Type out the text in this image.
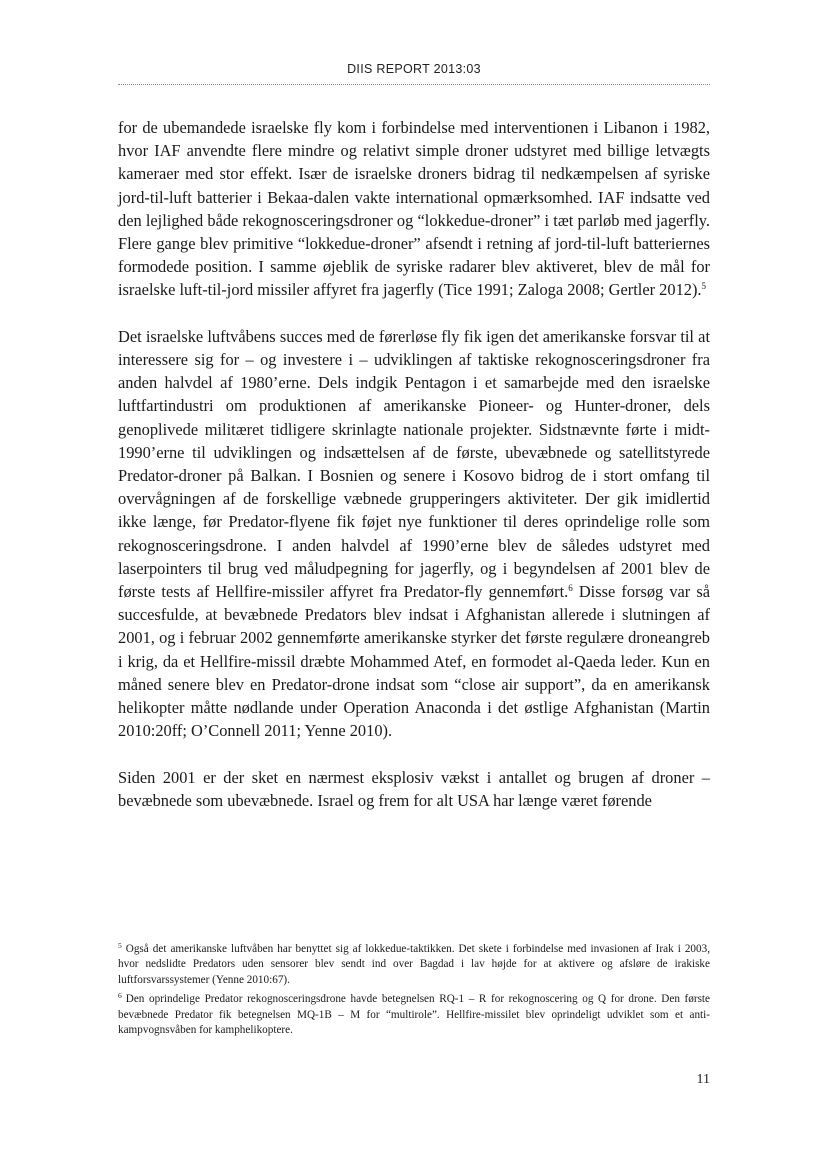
DIIS REPORT 2013:03

for de ubemandede israelske fly kom i forbindelse med interventionen i Libanon i 1982, hvor IAF anvendte flere mindre og relativt simple droner udstyret med billige letvægts kameraer med stor effekt. Især de israelske droners bidrag til nedkæmpelsen af syriske jord-til-luft batterier i Bekaa-dalen vakte international opmærksomhed. IAF indsatte ved den lejlighed både rekognosceringsdroner og “lokkedue-droner” i tæt parløb med jagerfly. Flere gange blev primitive “lokkedue-droner” afsendt i retning af jord-til-luft batteriernes formodede position. I samme øjeblik de syriske radarer blev aktiveret, blev de mål for israelske luft-til-jord missiler affyret fra jagerfly (Tice 1991; Zaloga 2008; Gertler 2012).$^5$

Det israelske luftvåbens succes med de førerløse fly fik igen det amerikanske forsvar til at interessere sig for – og investere i – udviklingen af taktiske rekognosceringsdroner fra anden halvdel af 1980’erne. Dels indgik Pentagon i et samarbejde med den israelske luftfartindustri om produktionen af amerikanske Pioneer- og Hunter-droner, dels genoplivede militæret tidligere skrinlagte nationale projekter. Sidstnævnte førte i midt-1990’erne til udviklingen og indsættelsen af de første, ubevæbnede og satellitstyrede Predator-droner på Balkan. I Bosnien og senere i Kosovo bidrog de i stort omfang til overvågningen af de forskellige væbnede grupperingers aktiviteter. Der gik imidlertid ikke længe, før Predator-flyene fik føjet nye funktioner til deres oprindelige rolle som rekognosceringsdrone. I anden halvdel af 1990’erne blev de således udstyret med laserpointers til brug ved måludpegning for jagerfly, og i begyndelsen af 2001 blev de første tests af Hellfire-missiler affyret fra Predator-fly gennemført.$^6$ Disse forsøg var så succesfulde, at bevæbnede Predators blev indsat i Afghanistan allerede i slutningen af 2001, og i februar 2002 gennemførte amerikanske styrker det første regulære droneangreb i krig, da et Hellfire-missil dræbte Mohammed Atef, en formodet al-Qaeda leder. Kun en måned senere blev en Predator-drone indsat som “close air support”, da en amerikansk helikopter måtte nødlande under Operation Anaconda i det østlige Afghanistan (Martin 2010:20ff; O’Connell 2011; Yenne 2010).

Siden 2001 er der sket en nærmest eksplosiv vækst i antallet og brugen af droner – bevæbnede som ubevæbnede. Israel og frem for alt USA har længe været førende

$^5$ Også det amerikanske luftvåben har benyttet sig af lokkedue-taktikken. Det skete i forbindelse med invasionen af Irak i 2003, hvor nedslidte Predators uden sensorer blev sendt ind over Bagdad i lav højde for at aktivere og afsløre de irakiske luftforsvarssystemer (Yenne 2010:67).

$^6$ Den oprindelige Predator rekognosceringsdrone havde betegnelsen RQ-1 – R for rekognoscering og Q for drone. Den første bevæbnede Predator fik betegnelsen MQ-1B – M for “multirole”. Hellfire-missilet blev oprindeligt udviklet som et anti-kampvognsvåben for kamphelikoptere.

11
